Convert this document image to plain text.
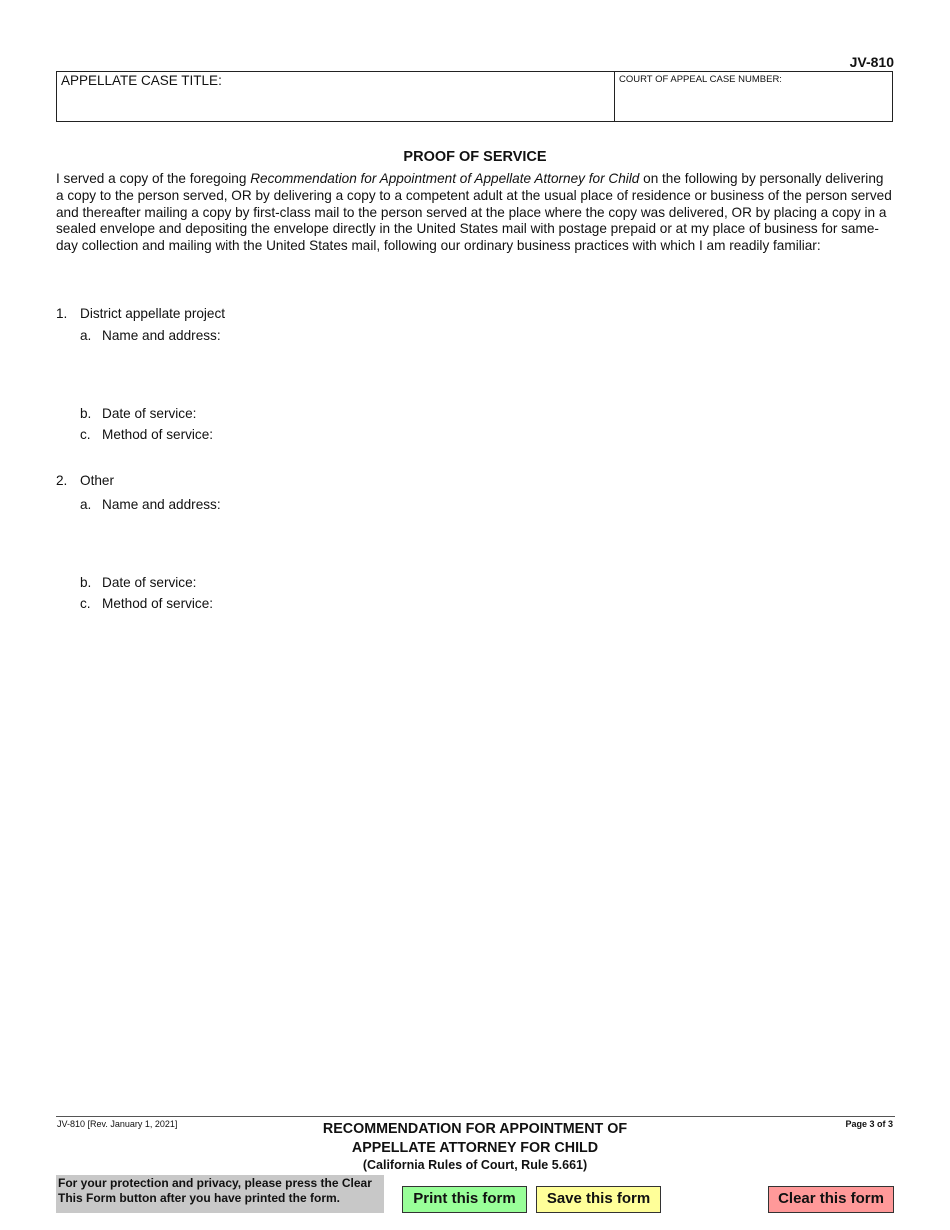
JV-810
APPELLATE CASE TITLE:	COURT OF APPEAL CASE NUMBER:
PROOF OF SERVICE
I served a copy of the foregoing Recommendation for Appointment of Appellate Attorney for Child on the following by personally delivering a copy to the person served, OR by delivering a copy to a competent adult at the usual place of residence or business of the person served and thereafter mailing a copy by first-class mail to the person served at the place where the copy was delivered, OR by placing a copy in a sealed envelope and depositing the envelope directly in the United States mail with postage prepaid or at my place of business for same-day collection and mailing with the United States mail, following our ordinary business practices with which I am readily familiar:
1. District appellate project
a. Name and address:
b. Date of service:
c. Method of service:
2. Other
a. Name and address:
b. Date of service:
c. Method of service:
JV-810 [Rev. January 1, 2021]	Page 3 of 3
RECOMMENDATION FOR APPOINTMENT OF
APPELLATE ATTORNEY FOR CHILD
(California Rules of Court, Rule 5.661)
For your protection and privacy, please press the Clear This Form button after you have printed the form.	Print this form	Save this form	Clear this form
